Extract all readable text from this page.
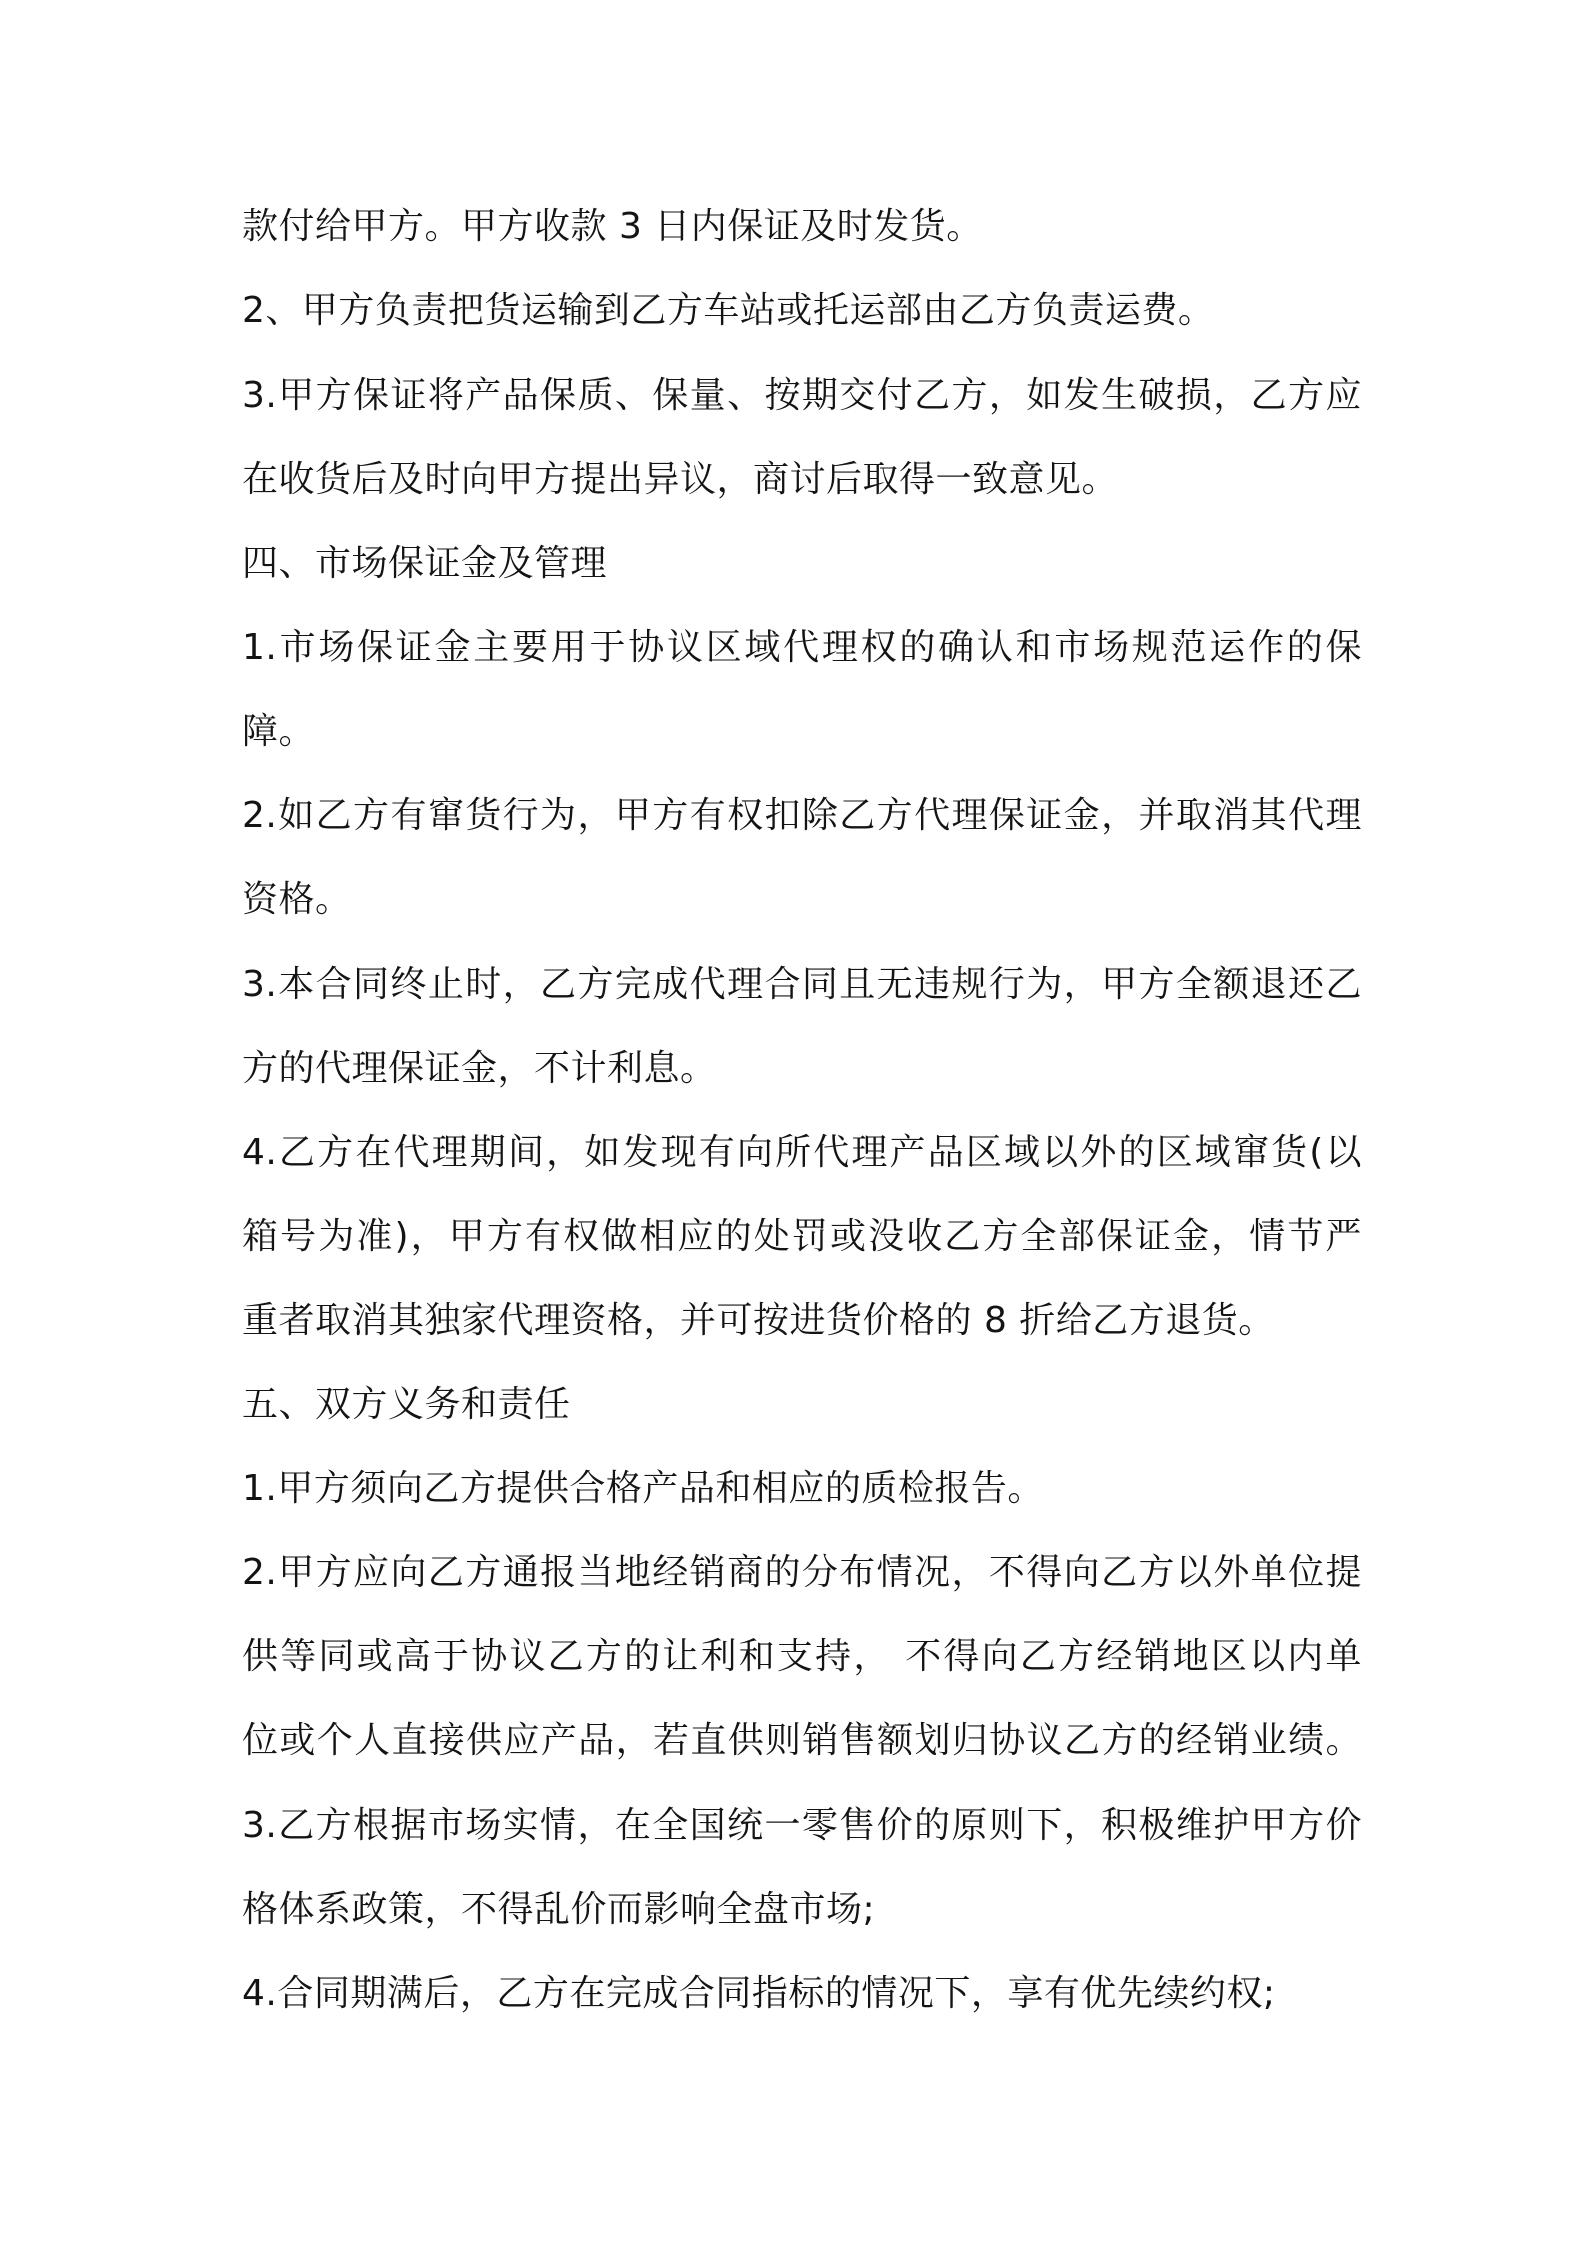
款付给甲方。甲方收款 3 日内保证及时发货。
2、甲方负责把货运输到乙方车站或托运部由乙方负责运费。
3.甲方保证将产品保质、保量、按期交付乙方，如发生破损，乙方应
在收货后及时向甲方提出异议，商讨后取得一致意见。
四、市场保证金及管理
1.市场保证金主要用于协议区域代理权的确认和市场规范运作的保
障。
2.如乙方有窜货行为，甲方有权扣除乙方代理保证金，并取消其代理
资格。
3.本合同终止时，乙方完成代理合同且无违规行为，甲方全额退还乙
方的代理保证金，不计利息。
4.乙方在代理期间，如发现有向所代理产品区域以外的区域窜货(以
箱号为准)，甲方有权做相应的处罚或没收乙方全部保证金，情节严
重者取消其独家代理资格，并可按进货价格的 8 折给乙方退货。
五、双方义务和责任
1.甲方须向乙方提供合格产品和相应的质检报告。
2.甲方应向乙方通报当地经销商的分布情况，不得向乙方以外单位提
供等同或高于协议乙方的让利和支持， 不得向乙方经销地区以内单
位或个人直接供应产品，若直供则销售额划归协议乙方的经销业绩。
3.乙方根据市场实情，在全国统一零售价的原则下，积极维护甲方价
格体系政策，不得乱价而影响全盘市场;
4.合同期满后，乙方在完成合同指标的情况下，享有优先续约权;
